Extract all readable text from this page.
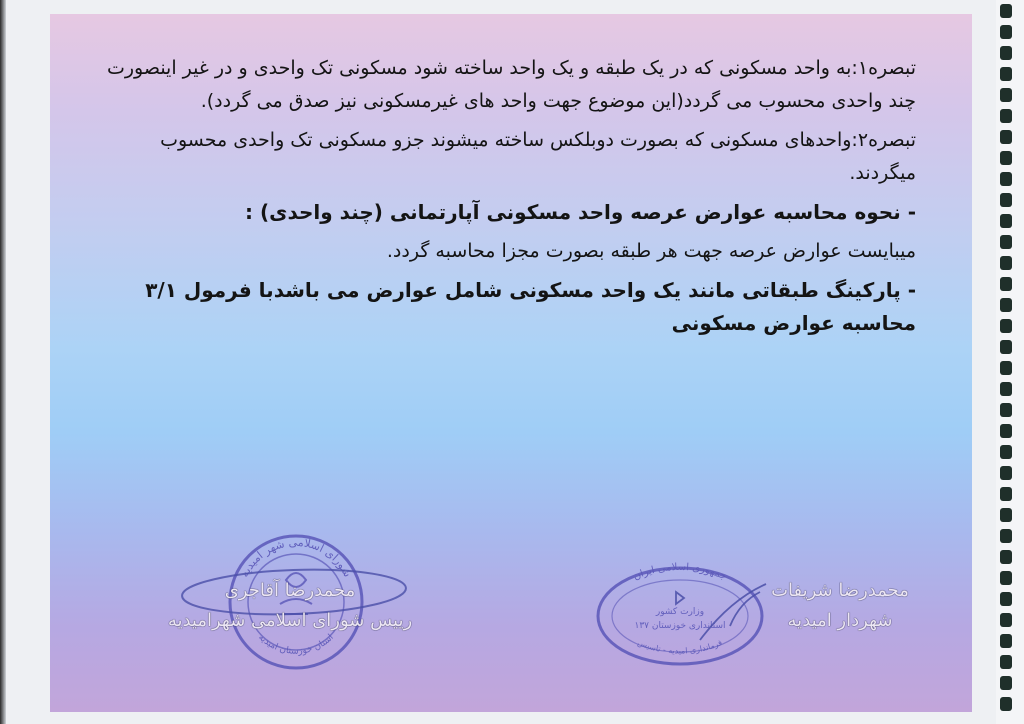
تبصره۱:به واحد مسکونی که در یک طبقه و یک واحد ساخته شود مسکونی تک واحدی و در غیر اینصورت چند واحدی محسوب می گردد(این موضوع جهت واحد های غیرمسکونی نیز صدق می گردد).

تبصره۲:واحدهای مسکونی که بصورت دوبلکس ساخته میشوند جزو مسکونی تک واحدی محسوب میگردند.

- نحوه محاسبه عوارض عرصه واحد مسکونی آپارتمانی (چند واحدی) :

میبایست عوارض عرصه جهت هر طبقه بصورت مجزا محاسبه گردد.

- پارکینگ طبقاتی مانند یک واحد مسکونی شامل عوارض می باشدبا فرمول ۳/۱ محاسبه عوارض مسکونی

شورای اسلامی شهر امیدیه
استان خوزستان امیدیه
جمهوری اسلامی ایران
وزارت کشور
استانداری خوزستان ۱۳۷
فرمانداری امیدیه - تاسیس
محمدرضا آقاجری
رییس شورای اسلامی شهرامیدیه
محمدرضا شریفات
شهردار امیدیه
